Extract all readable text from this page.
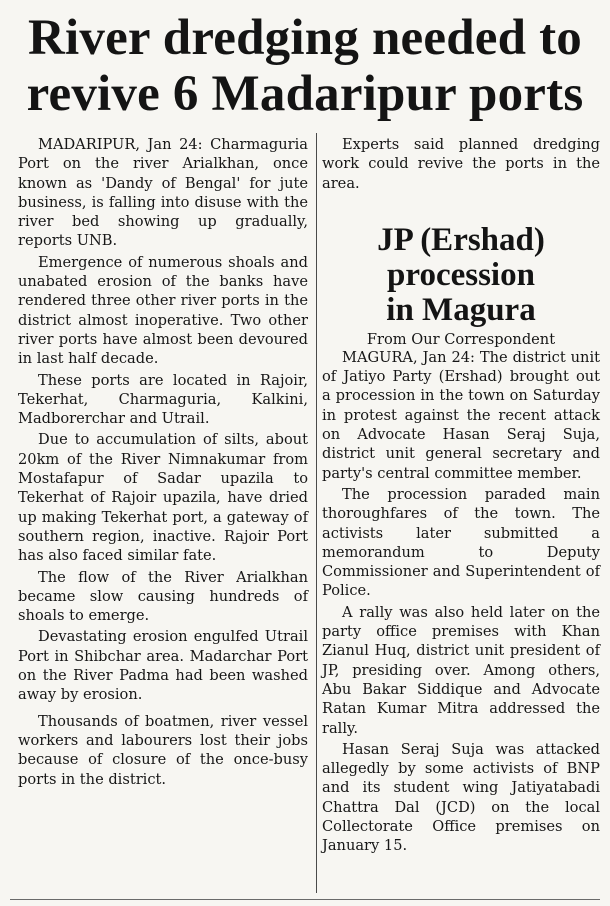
River dredging needed to
revive 6 Madaripur ports

MADARIPUR, Jan 24: Charmaguria Port on the river Arialkhan, once known as 'Dandy of Bengal' for jute business, is falling into disuse with the river bed showing up gradually, reports UNB.

Emergence of numerous shoals and unabated erosion of the banks have rendered three other river ports in the district almost inoperative. Two other river ports have almost been devoured in last half decade.

These ports are located in Rajoir, Tekerhat, Charmaguria, Kalkini, Madborerchar and Utrail.

Due to accumulation of silts, about 20km of the River Nimnakumar from Mostafapur of Sadar upazila to Tekerhat of Rajoir upazila, have dried up making Tekerhat port, a gateway of southern region, inactive. Rajoir Port has also faced similar fate.

The flow of the River Arialkhan became slow causing hundreds of shoals to emerge.

Devastating erosion engulfed Utrail Port in Shibchar area. Madarchar Port on the River Padma had been washed away by erosion.

Thousands of boatmen, river vessel workers and labourers lost their jobs because of closure of the once-busy ports in the district.

Experts said planned dredging work could revive the ports in the area.

JP (Ershad)
procession
in Magura

From Our Correspondent

MAGURA, Jan 24: The district unit of Jatiyo Party (Ershad) brought out a procession in the town on Saturday in protest against the recent attack on Advocate Hasan Seraj Suja, district unit general secretary and party's central committee member.

The procession paraded main thoroughfares of the town. The activists later submitted a memorandum to Deputy Commissioner and Superintendent of Police.

A rally was also held later on the party office premises with Khan Zianul Huq, district unit president of JP, presiding over. Among others, Abu Bakar Siddique and Advocate Ratan Kumar Mitra addressed the rally.

Hasan Seraj Suja was attacked allegedly by some activists of BNP and its student wing Jatiyatabadi Chattra Dal (JCD) on the local Collectorate Office premises on January 15.
